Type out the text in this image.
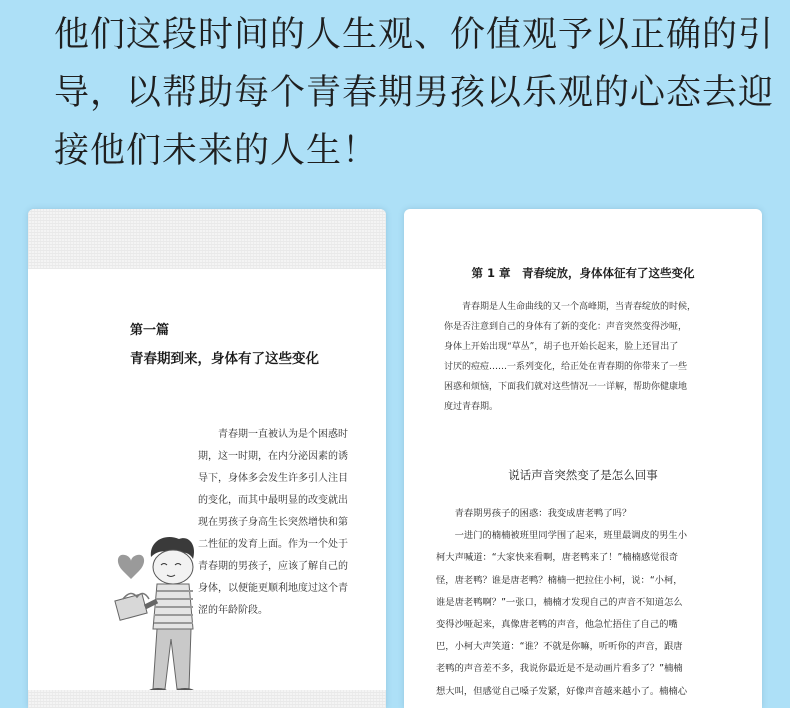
他们这段时间的人生观、价值观予以正确的引
导，以帮助每个青春期男孩以乐观的心态去迎
接他们未来的人生！
第一篇
青春期到来，身体有了这些变化
　　青春期一直被认为是个困惑时
期，这一时期，在内分泌因素的诱
导下，身体多会发生许多引人注目
的变化，而其中最明显的改变就出
现在男孩子身高生长突然增快和第
二性征的发育上面。作为一个处于
青春期的男孩子，应该了解自己的
身体，以便能更顺利地度过这个青
涩的年龄阶段。
第 1 章　青春绽放，身体体征有了这些变化
　　青春期是人生命曲线的又一个高峰期，当青春绽放的时候，
你是否注意到自己的身体有了新的变化：声音突然变得沙哑，
身体上开始出现“草丛”，胡子也开始长起来，脸上还冒出了
讨厌的痘痘……一系列变化，给正处在青春期的你带来了一些
困惑和烦恼，下面我们就对这些情况一一详解，帮助你健康地
度过青春期。
说话声音突然变了是怎么回事
　　青春期男孩子的困惑：我变成唐老鸭了吗？
　　一进门的楠楠被班里同学围了起来，班里最调皮的男生小
柯大声喊道：“大家快来看啊，唐老鸭来了！”楠楠感觉很奇
怪，唐老鸭？谁是唐老鸭？楠楠一把拉住小柯，说：“小柯，
谁是唐老鸭啊？”一张口，楠楠才发现自己的声音不知道怎么
变得沙哑起来，真像唐老鸭的声音，他急忙捂住了自己的嘴
巴，小柯大声笑道：“谁？不就是你嘛，听听你的声音，跟唐
老鸭的声音差不多，我说你最近是不是动画片看多了？”楠楠
想大叫，但感觉自己嗓子发紧，好像声音越来越小了。楠楠心
